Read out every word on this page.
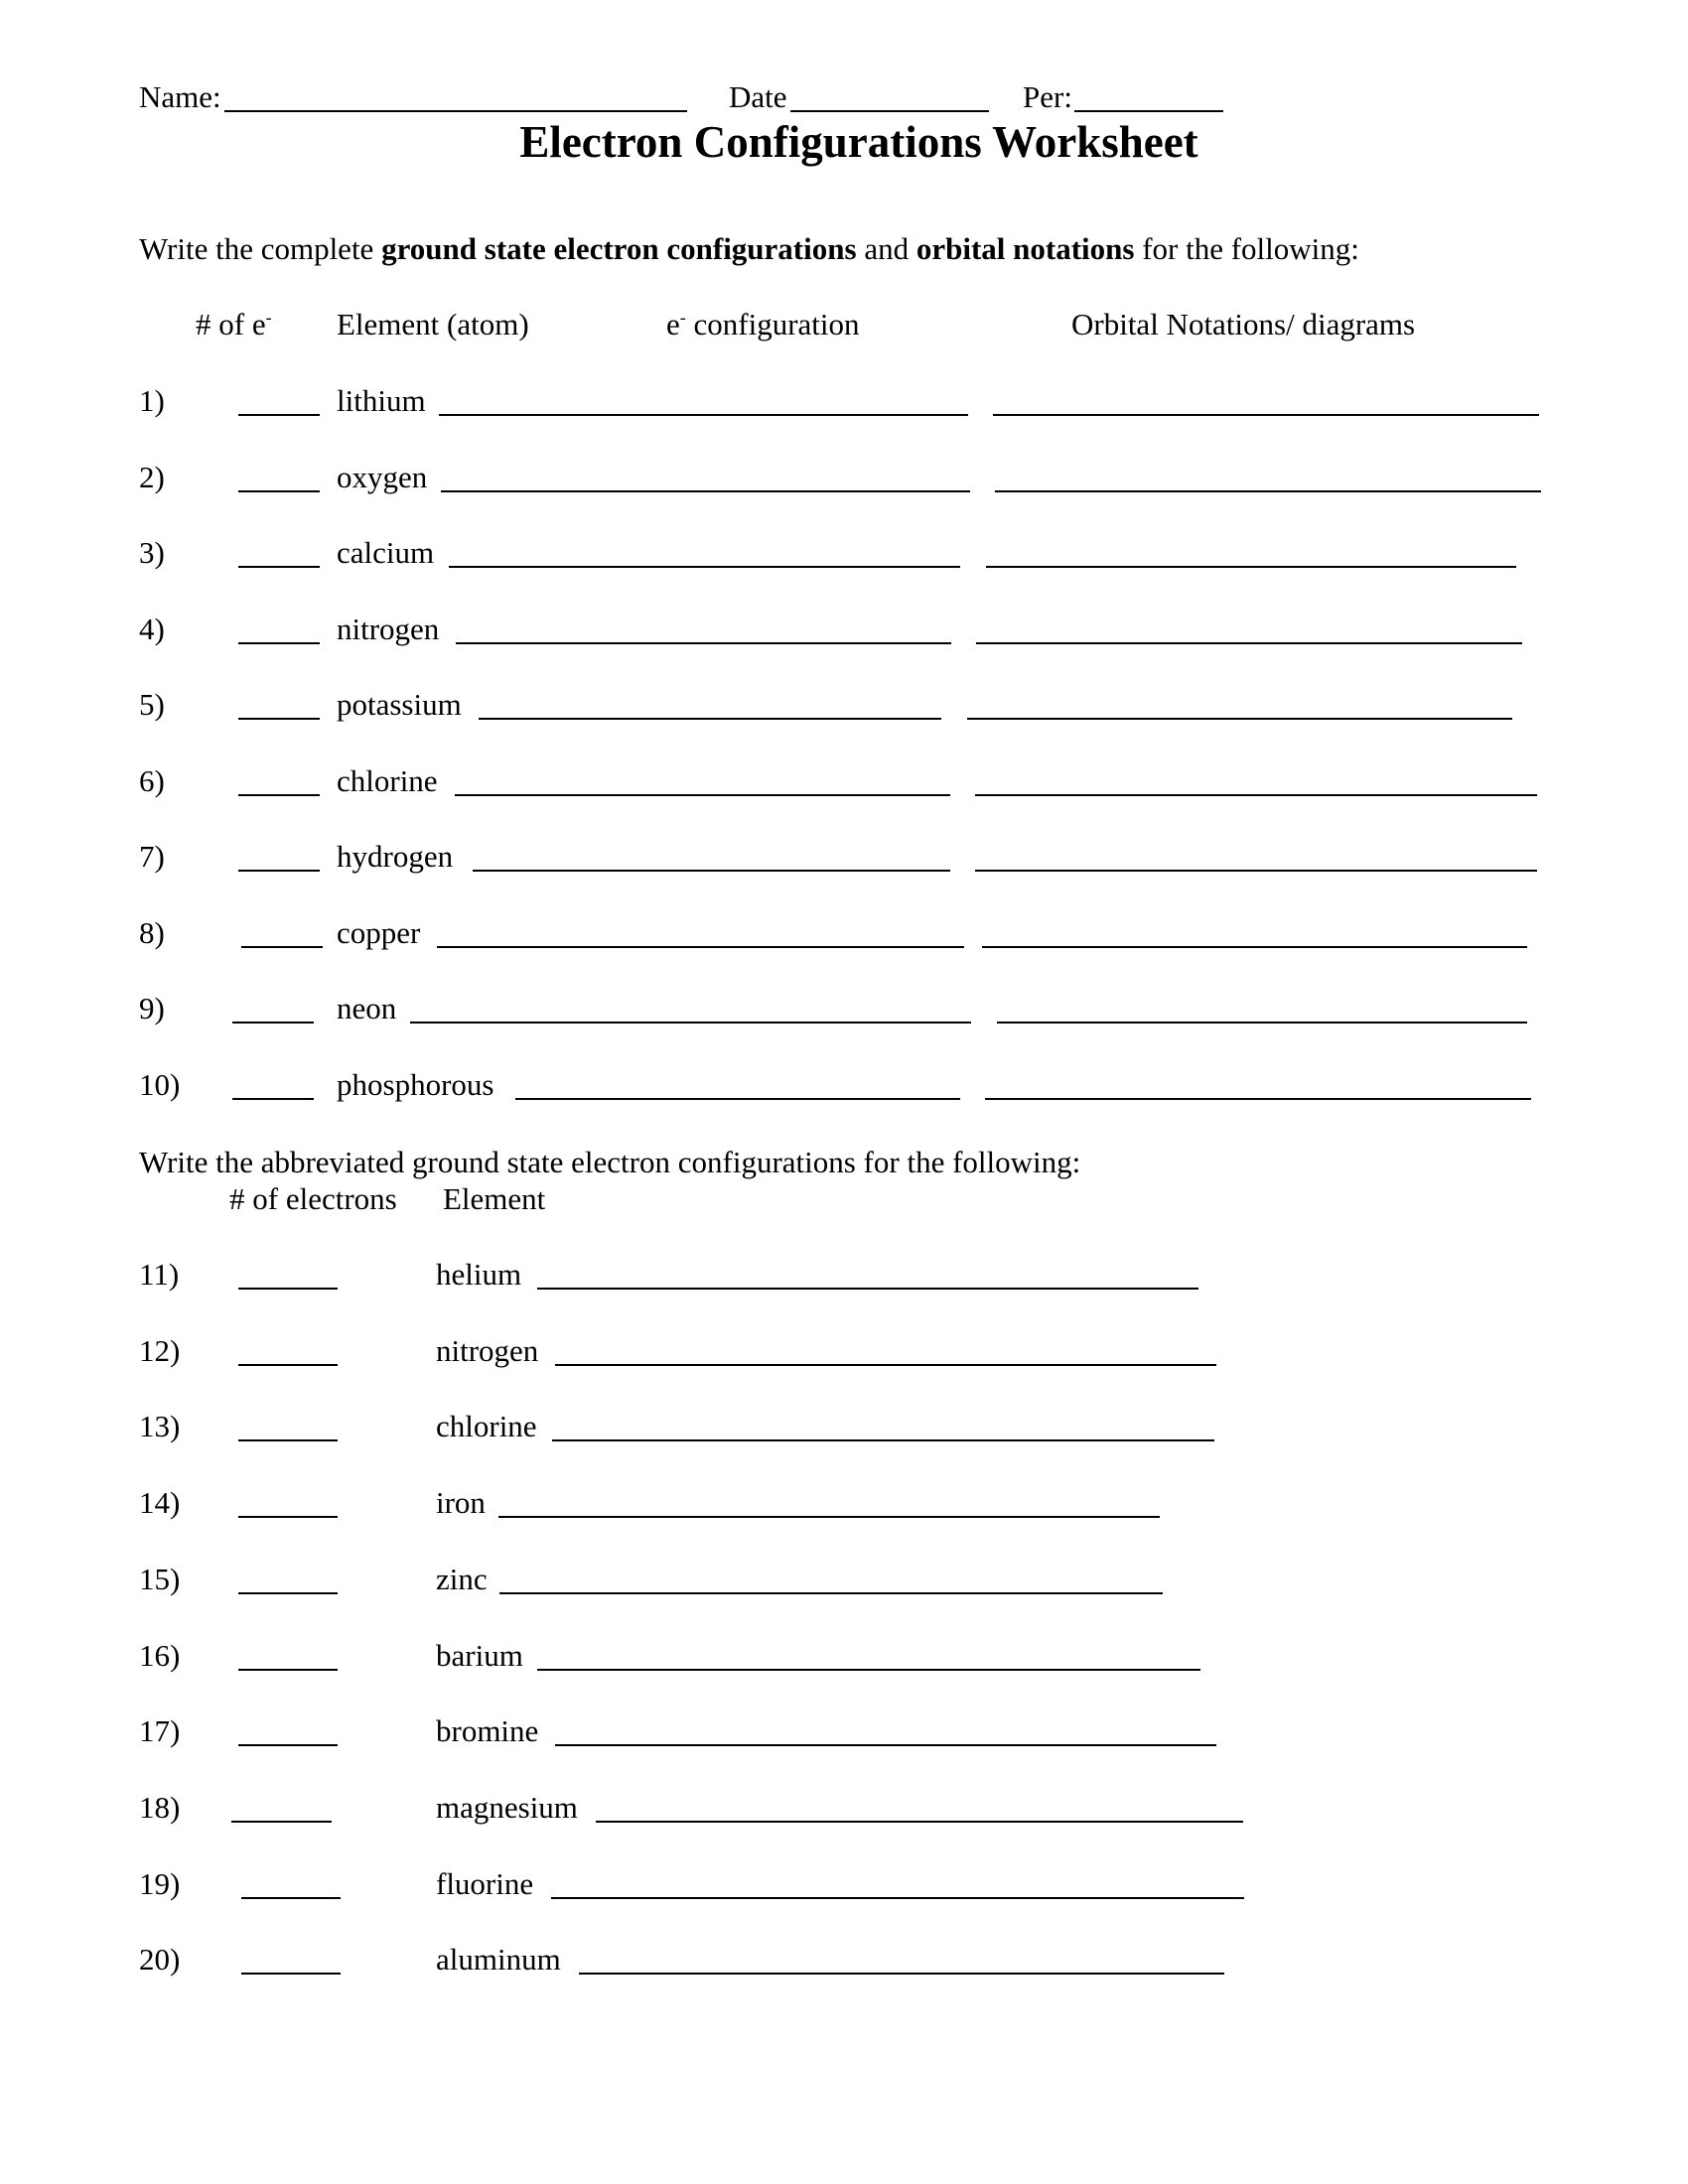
Name:	Date	Per:
Electron Configurations Worksheet
Write the complete ground state electron configurations and orbital notations for the following:
# of e- Element (atom)	e- configuration	Orbital Notations/ diagrams
1)	lithium
2)	oxygen
3)	calcium
4)	nitrogen
5)	potassium
6)	chlorine
7)	hydrogen
8)	copper
9)	neon
10)	phosphorous
Write the abbreviated ground state electron configurations for the following:
# of electrons Element
11)	helium
12)	nitrogen
13)	chlorine
14)	iron
15)	zinc
16)	barium
17)	bromine
18)	magnesium
19)	fluorine
20)	aluminum
